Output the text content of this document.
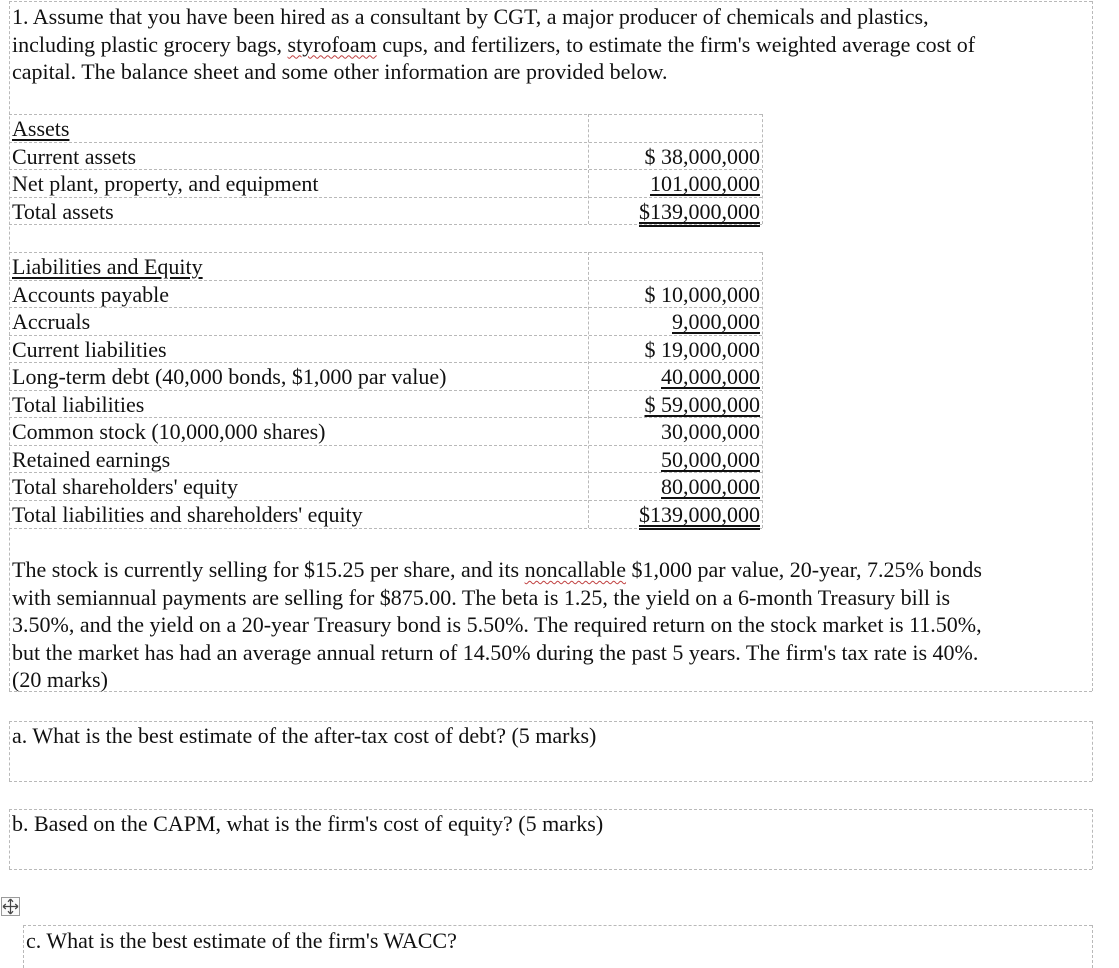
1. Assume that you have been hired as a consultant by CGT, a major producer of chemicals and plastics,
including plastic grocery bags, styrofoam cups, and fertilizers, to estimate the firm's weighted average cost of
capital. The balance sheet and some other information are provided below.
Assets
Current assets	$ 38,000,000
Net plant, property, and equipment	101,000,000
Total assets	$139,000,000
Liabilities and Equity
Accounts payable	$ 10,000,000
Accruals	9,000,000
Current liabilities	$ 19,000,000
Long-term debt (40,000 bonds, $1,000 par value)	40,000,000
Total liabilities	$ 59,000,000
Common stock (10,000,000 shares)	30,000,000
Retained earnings	50,000,000
Total shareholders' equity	80,000,000
Total liabilities and shareholders' equity	$139,000,000
The stock is currently selling for $15.25 per share, and its noncallable $1,000 par value, 20-year, 7.25% bonds
with semiannual payments are selling for $875.00. The beta is 1.25, the yield on a 6-month Treasury bill is
3.50%, and the yield on a 20-year Treasury bond is 5.50%. The required return on the stock market is 11.50%,
but the market has had an average annual return of 14.50% during the past 5 years. The firm's tax rate is 40%.
(20 marks)
a. What is the best estimate of the after-tax cost of debt? (5 marks)
b. Based on the CAPM, what is the firm's cost of equity? (5 marks)
c. What is the best estimate of the firm's WACC?
